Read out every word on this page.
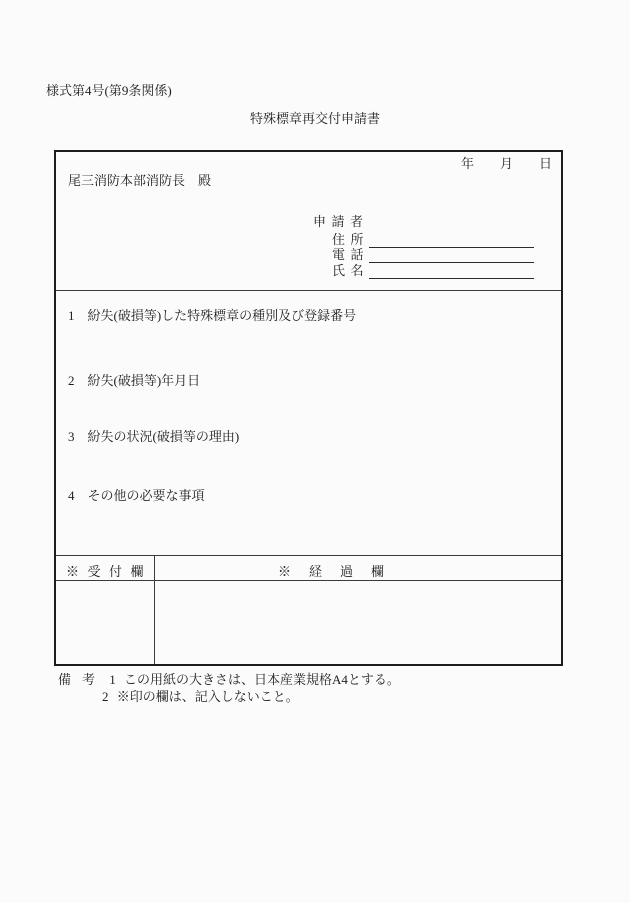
様式第4号(第9条関係)
特殊標章再交付申請書
年　　月　　日
尾三消防本部消防長　殿
申請者
住所
電話
氏名
1　紛失(破損等)した特殊標章の種別及び登録番号
2　紛失(破損等)年月日
3　紛失の状況(破損等の理由)
4　その他の必要な事項
※受付欄	※経過欄
備考 1 この用紙の大きさは、日本産業規格A4とする。
2 ※印の欄は、記入しないこと。
